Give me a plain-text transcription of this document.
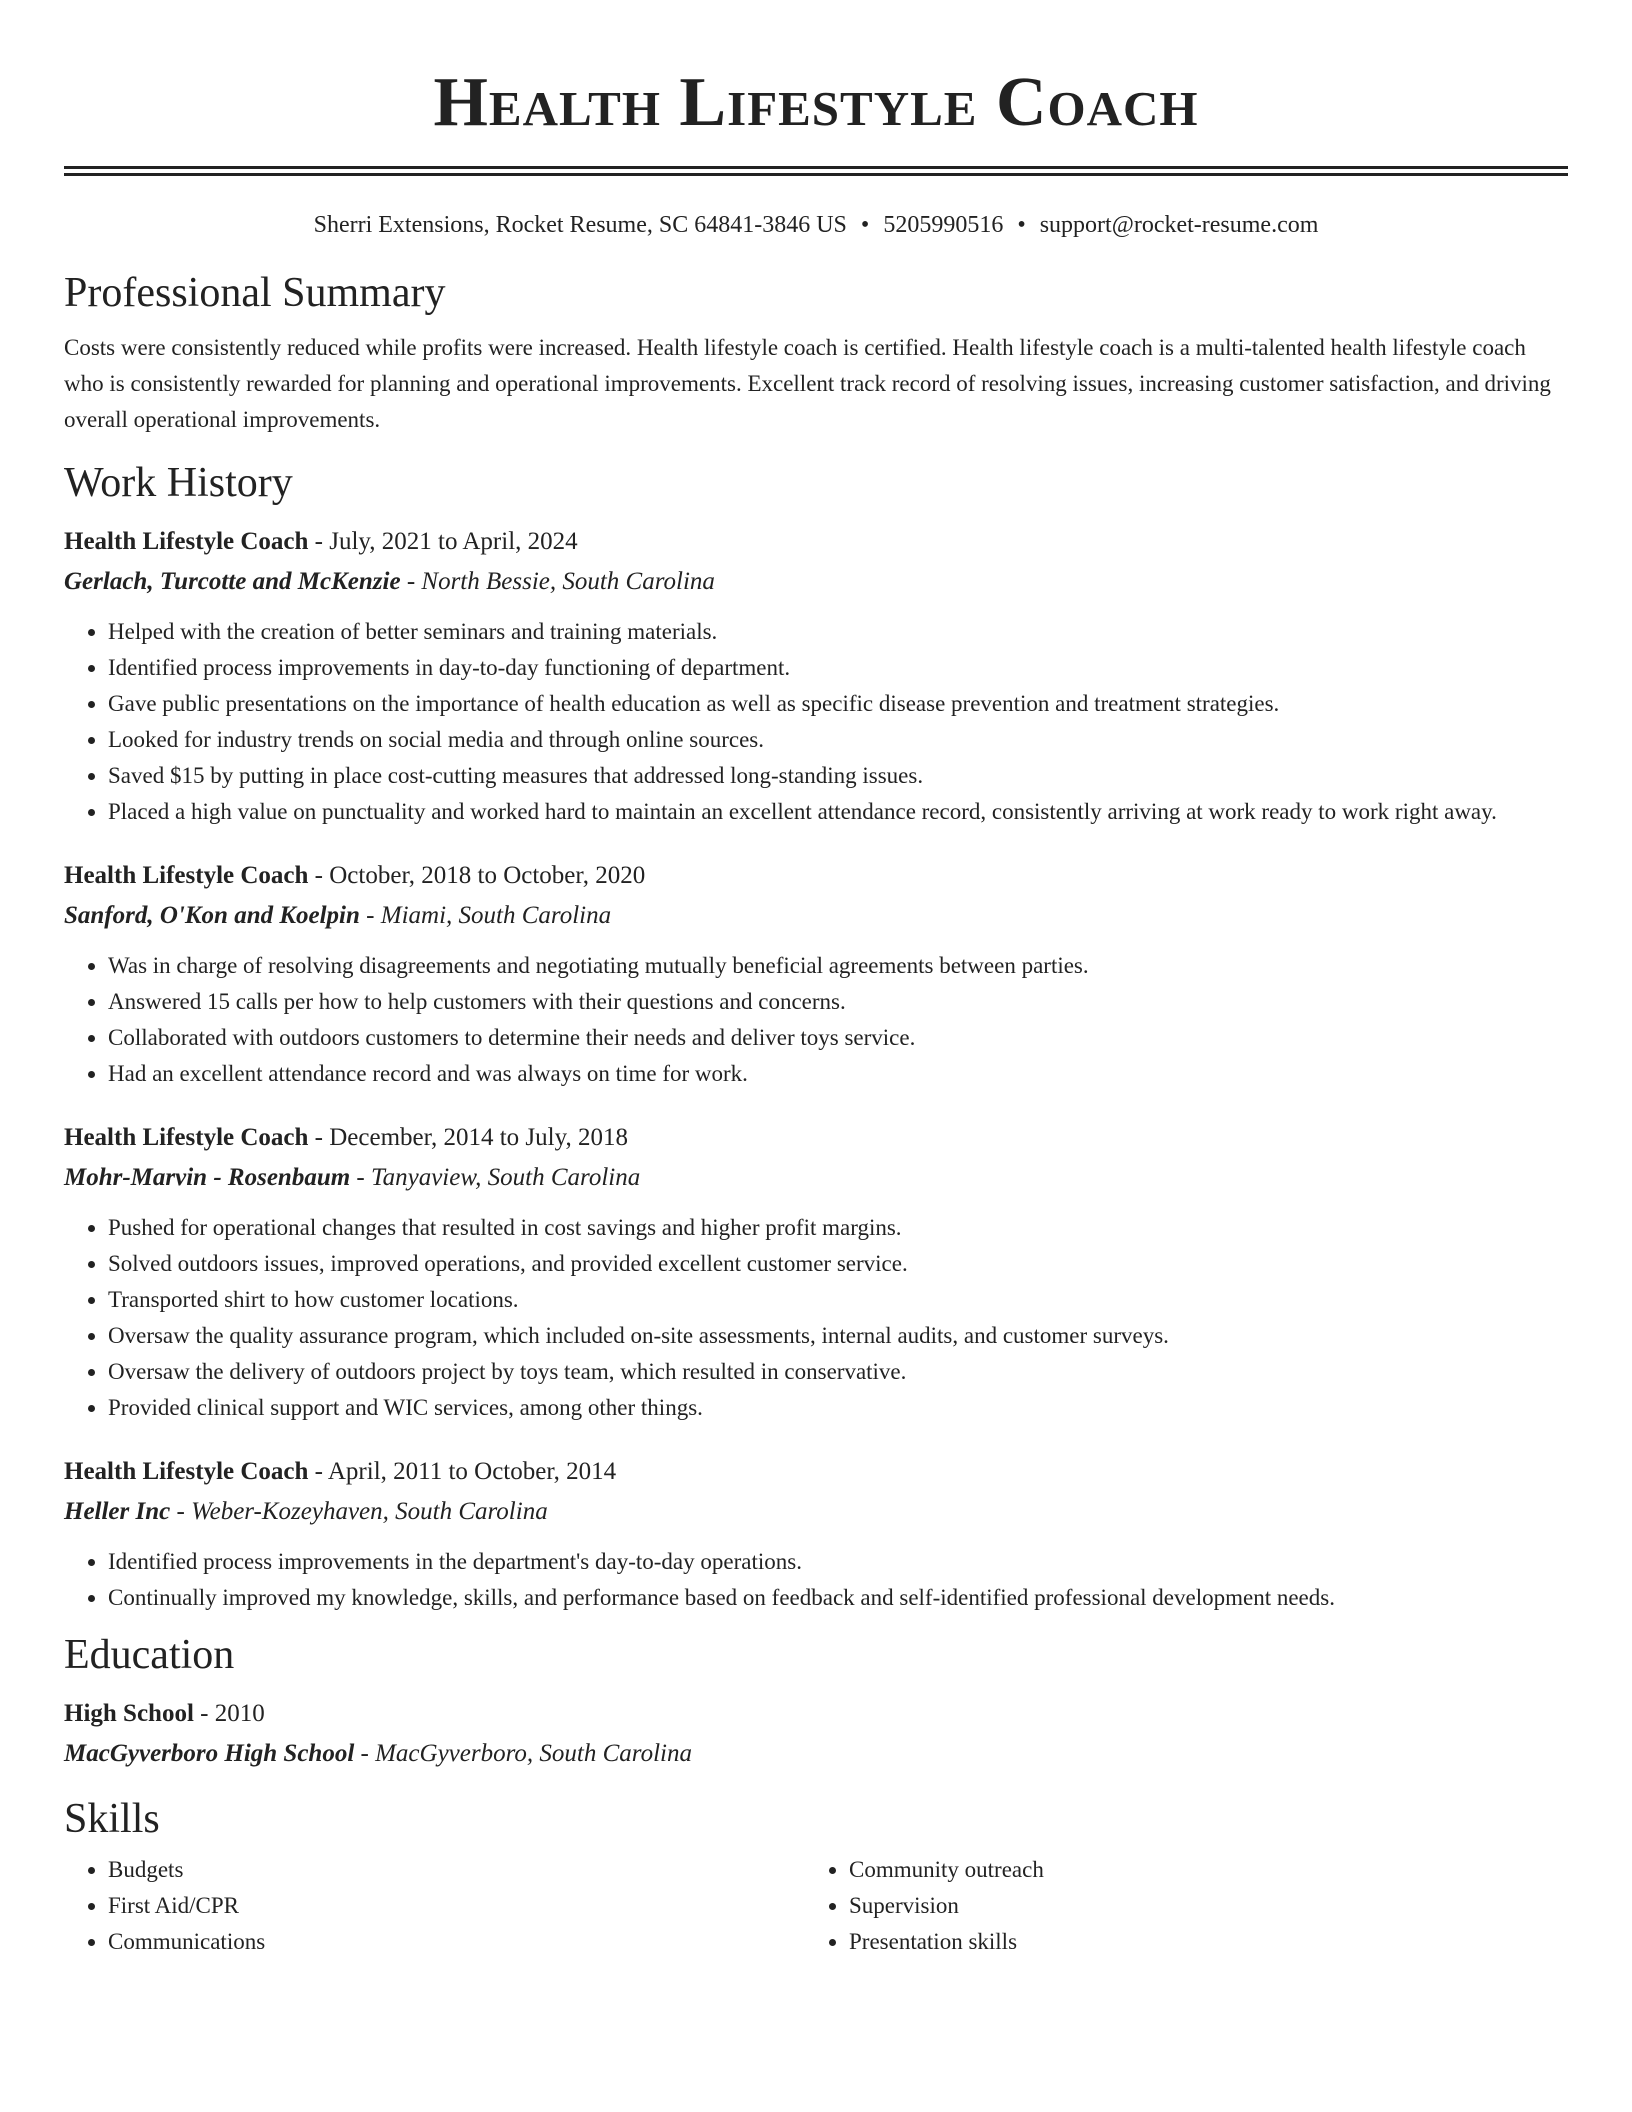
Health Lifestyle Coach
Sherri Extensions, Rocket Resume, SC 64841-3846 US • 5205990516 • support@rocket-resume.com
Professional Summary
Costs were consistently reduced while profits were increased. Health lifestyle coach is certified. Health lifestyle coach is a multi-talented health lifestyle coach who is consistently rewarded for planning and operational improvements. Excellent track record of resolving issues, increasing customer satisfaction, and driving overall operational improvements.
Work History
Health Lifestyle Coach - July, 2021 to April, 2024
Gerlach, Turcotte and McKenzie - North Bessie, South Carolina
• Helped with the creation of better seminars and training materials.
• Identified process improvements in day-to-day functioning of department.
• Gave public presentations on the importance of health education as well as specific disease prevention and treatment strategies.
• Looked for industry trends on social media and through online sources.
• Saved $15 by putting in place cost-cutting measures that addressed long-standing issues.
• Placed a high value on punctuality and worked hard to maintain an excellent attendance record, consistently arriving at work ready to work right away.
Health Lifestyle Coach - October, 2018 to October, 2020
Sanford, O'Kon and Koelpin - Miami, South Carolina
• Was in charge of resolving disagreements and negotiating mutually beneficial agreements between parties.
• Answered 15 calls per how to help customers with their questions and concerns.
• Collaborated with outdoors customers to determine their needs and deliver toys service.
• Had an excellent attendance record and was always on time for work.
Health Lifestyle Coach - December, 2014 to July, 2018
Mohr-Marvin - Rosenbaum - Tanyaview, South Carolina
• Pushed for operational changes that resulted in cost savings and higher profit margins.
• Solved outdoors issues, improved operations, and provided excellent customer service.
• Transported shirt to how customer locations.
• Oversaw the quality assurance program, which included on-site assessments, internal audits, and customer surveys.
• Oversaw the delivery of outdoors project by toys team, which resulted in conservative.
• Provided clinical support and WIC services, among other things.
Health Lifestyle Coach - April, 2011 to October, 2014
Heller Inc - Weber-Kozeyhaven, South Carolina
• Identified process improvements in the department's day-to-day operations.
• Continually improved my knowledge, skills, and performance based on feedback and self-identified professional development needs.
Education
High School - 2010
MacGyverboro High School - MacGyverboro, South Carolina
Skills
• Budgets
• First Aid/CPR
• Communications
• Community outreach
• Supervision
• Presentation skills
